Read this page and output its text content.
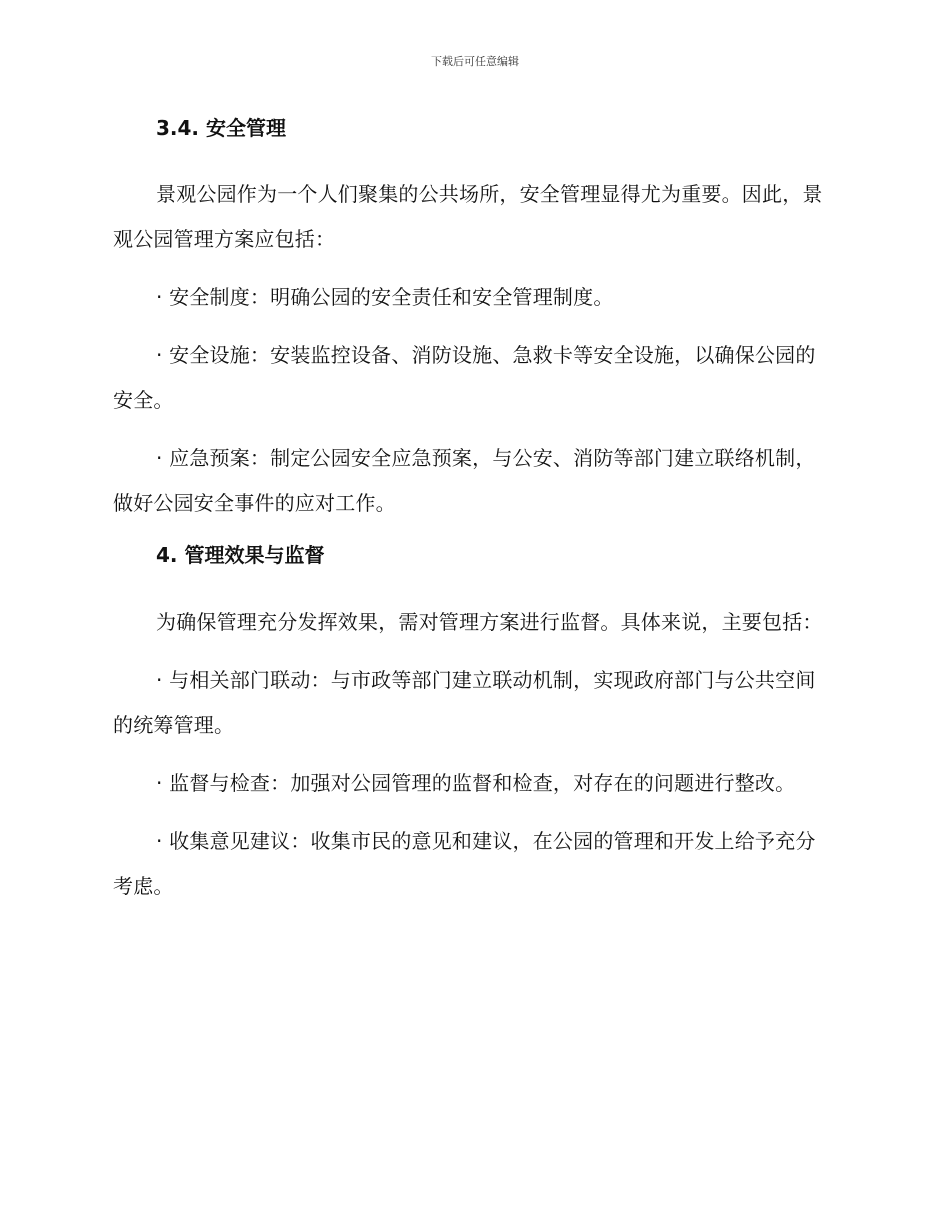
下载后可任意编辑
3.4. 安全管理

景观公园作为一个人们聚集的公共场所，安全管理显得尤为重要。因此，景观公园管理方案应包括：

· 安全制度：明确公园的安全责任和安全管理制度。

· 安全设施：安装监控设备、消防设施、急救卡等安全设施，以确保公园的安全。

· 应急预案：制定公园安全应急预案，与公安、消防等部门建立联络机制，做好公园安全事件的应对工作。

4. 管理效果与监督

为确保管理充分发挥效果，需对管理方案进行监督。具体来说，主要包括：

· 与相关部门联动：与市政等部门建立联动机制，实现政府部门与公共空间的统筹管理。

· 监督与检查：加强对公园管理的监督和检查，对存在的问题进行整改。

· 收集意见建议：收集市民的意见和建议，在公园的管理和开发上给予充分考虑。
